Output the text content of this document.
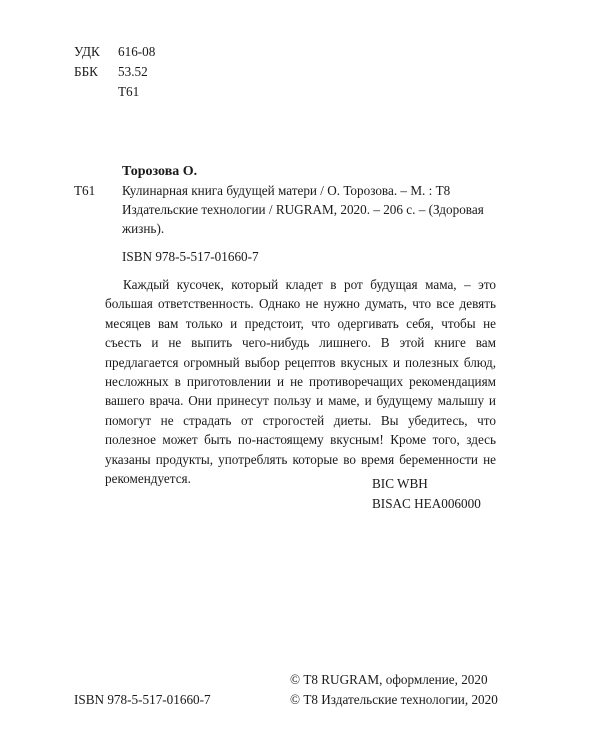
УДК 616-08
ББК 53.52
Т61
Торозова О.
Т61 Кулинарная книга будущей матери / О. Торозова. – М. : Т8 Издательские технологии / RUGRAM, 2020. – 206 с. – (Здоровая жизнь).
ISBN 978-5-517-01660-7
Каждый кусочек, который кладет в рот будущая мама, – это большая ответственность. Однако не нужно думать, что все девять месяцев вам только и предстоит, что одергивать себя, чтобы не съесть и не выпить чего-нибудь лишнего. В этой книге вам предлагается огромный выбор рецептов вкусных и полезных блюд, несложных в приготовлении и не противоречащих рекомендациям вашего врача. Они принесут пользу и маме, и будущему малышу и помогут не страдать от строгостей диеты. Вы убедитесь, что полезное может быть по-настоящему вкусным! Кроме того, здесь указаны продукты, употреблять которые во время беременности не рекомендуется.	BIC WBH
BISAC HEA006000
ISBN 978-5-517-01660-7
© Т8 RUGRAM, оформление, 2020
© Т8 Издательские технологии, 2020
